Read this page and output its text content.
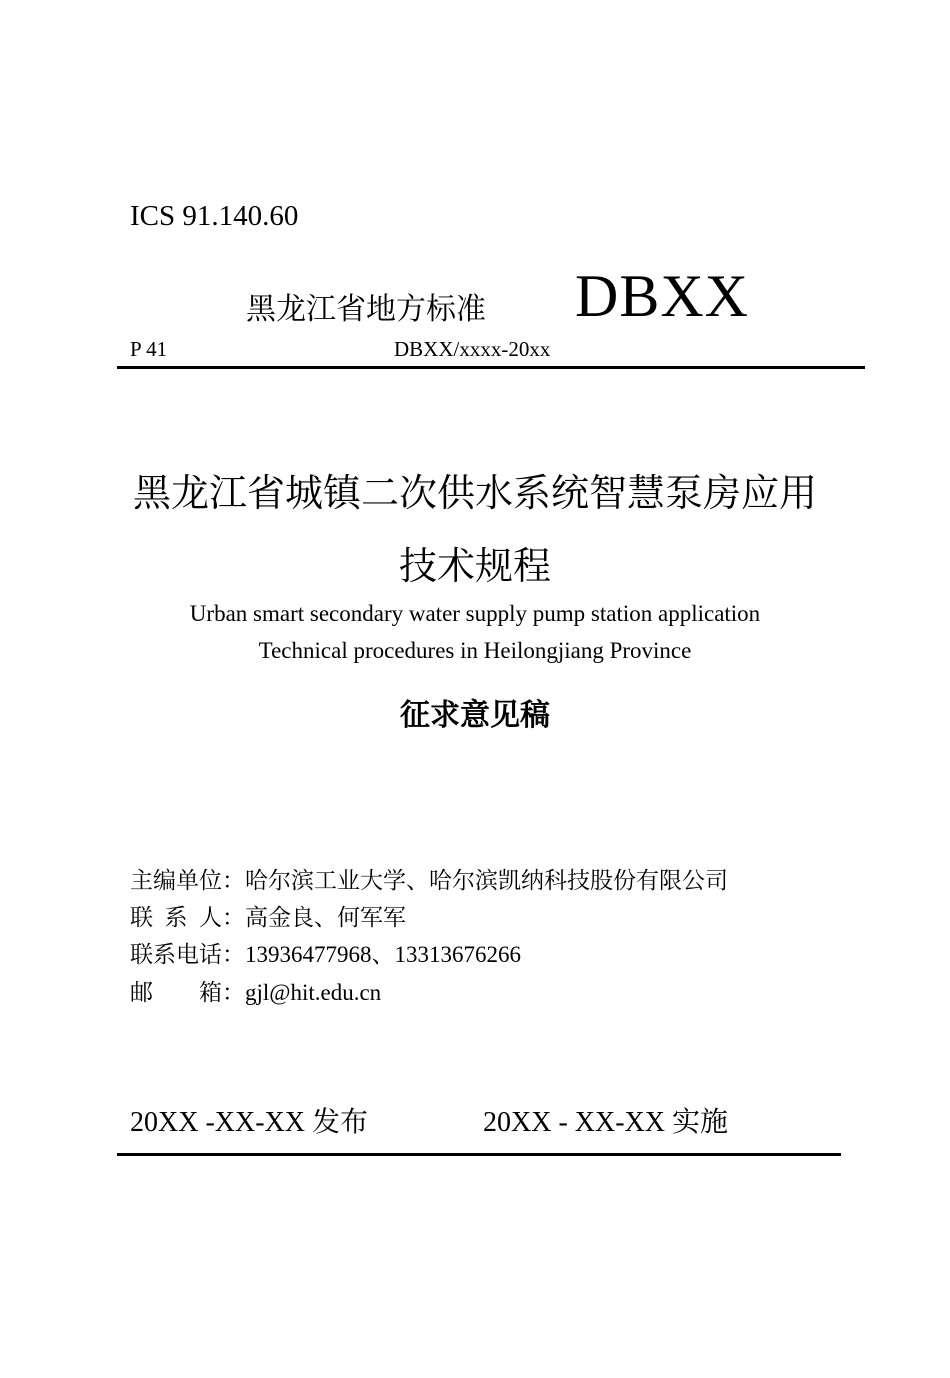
ICS 91.140.60
黑龙江省地方标准 DBXX
P 41	DBXX/xxxx-20xx
黑龙江省城镇二次供水系统智慧泵房应用
技术规程
Urban smart secondary water supply pump station application
Technical procedures in Heilongjiang Province
征求意见稿
主编单位：哈尔滨工业大学、哈尔滨凯纳科技股份有限公司
联  系  人：高金良、何军军
联系电话：13936477968、13313676266
邮        箱：gjl@hit.edu.cn
20XX -XX-XX 发布	20XX - XX-XX 实施
